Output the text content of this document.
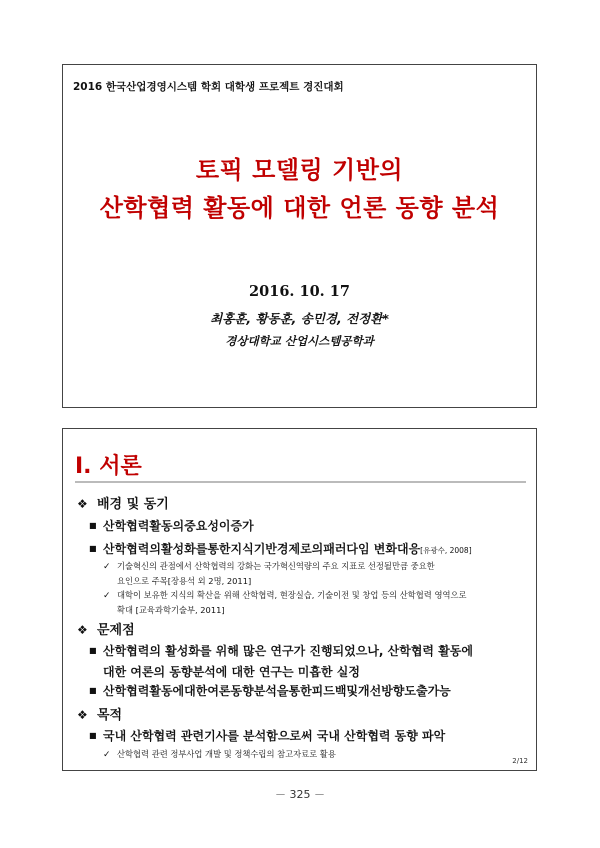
2016 한국산업경영시스템 학회 대학생 프로젝트 경진대회
토픽 모델링 기반의
산학협력 활동에 대한 언론 동향 분석
2016. 10. 17
최홍훈, 황동훈, 송민경, 전정환*
경상대학교 산업시스템공학과
Ⅰ. 서론
❖ 배경 및 동기
■ 산학협력활동의중요성이증가
■ 산학협력의활성화를통한지식기반경제로의패러다임 변화대응[유광수, 2008]
✓ 기술혁신의 관점에서 산학협력의 강화는 국가혁신역량의 주요 지표로 선정될만큼 중요한
요인으로 주목[장용석 외 2명, 2011]
✓ 대학이 보유한 지식의 확산을 위해 산학협력, 현장실습, 기술이전 및 창업 등의 산학협력 영역으로
확대 [교육과학기술부, 2011]
❖ 문제점
■ 산학협력의 활성화를 위해 많은 연구가 진행되었으나, 산학협력 활동에
대한 여론의 동향분석에 대한 연구는 미흡한 실정
■ 산학협력활동에대한여론동향분석을통한피드백및개선방향도출가능
❖ 목적
■ 국내 산학협력 관련기사를 분석함으로써 국내 산학협력 동향 파악
✓ 산학협력 관련 정부사업 개발 및 정책수립의 참고자료로 활용
2/12
－ 325 －
